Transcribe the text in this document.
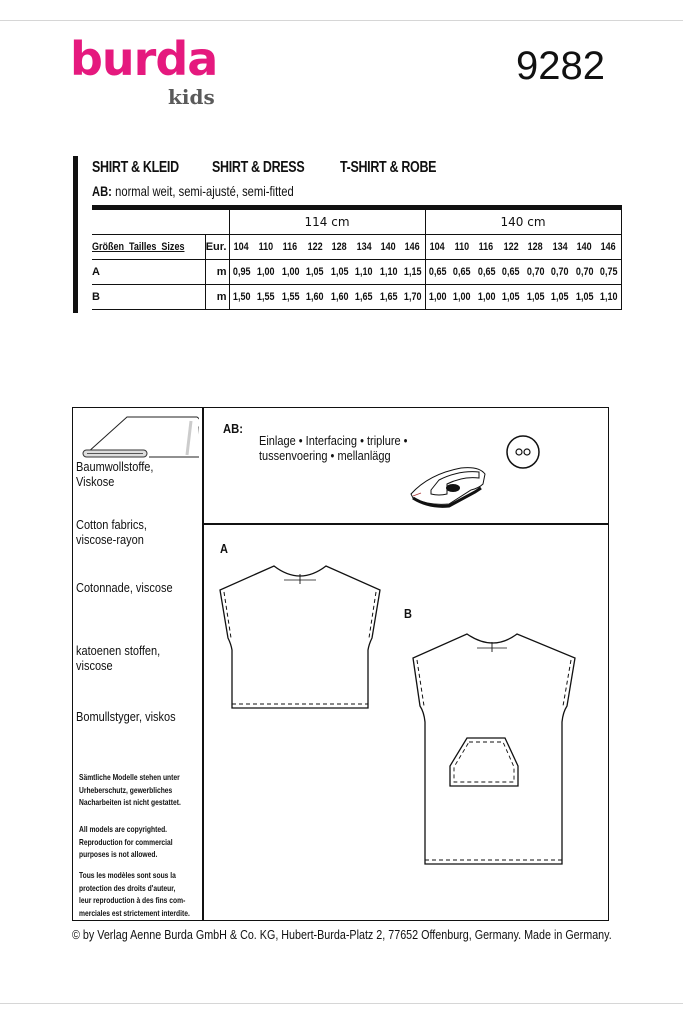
burda
kids
9282
SHIRT & KLEID SHIRT & DRESS T-SHIRT & ROBE
AB: normal weit, semi-ajusté, semi-fitted
		114 cm								140 cm							
Größen Tailles Sizes	Eur.	104	110	116	122	128	134	140	146	104	110	116	122	128	134	140	146
A	m	0,95	1,00	1,00	1,05	1,05	1,10	1,10	1,15	0,65	0,65	0,65	0,65	0,70	0,70	0,70	0,75
B	m	1,50	1,55	1,55	1,60	1,60	1,65	1,65	1,70	1,00	1,00	1,00	1,05	1,05	1,05	1,05	1,10
Baumwollstoffe,
Viskose
Cotton fabrics,
viscose-rayon
Cotonnade, viscose
katoenen stoffen,
viscose
Bomullstyger, viskos
Sämtliche Modelle stehen unter
Urheberschutz, gewerbliches
Nacharbeiten ist nicht gestattet.
All models are copyrighted.
Reproduction for commercial
purposes is not allowed.
Tous les modèles sont sous la
protection des droits d'auteur,
leur reproduction à des fins com-
merciales est strictement interdite.
AB:
Einlage • Interfacing • triplure •
tussenvoering • mellanlägg
A
B
© by Verlag Aenne Burda GmbH & Co. KG, Hubert-Burda-Platz 2, 77652 Offenburg, Germany. Made in Germany.
